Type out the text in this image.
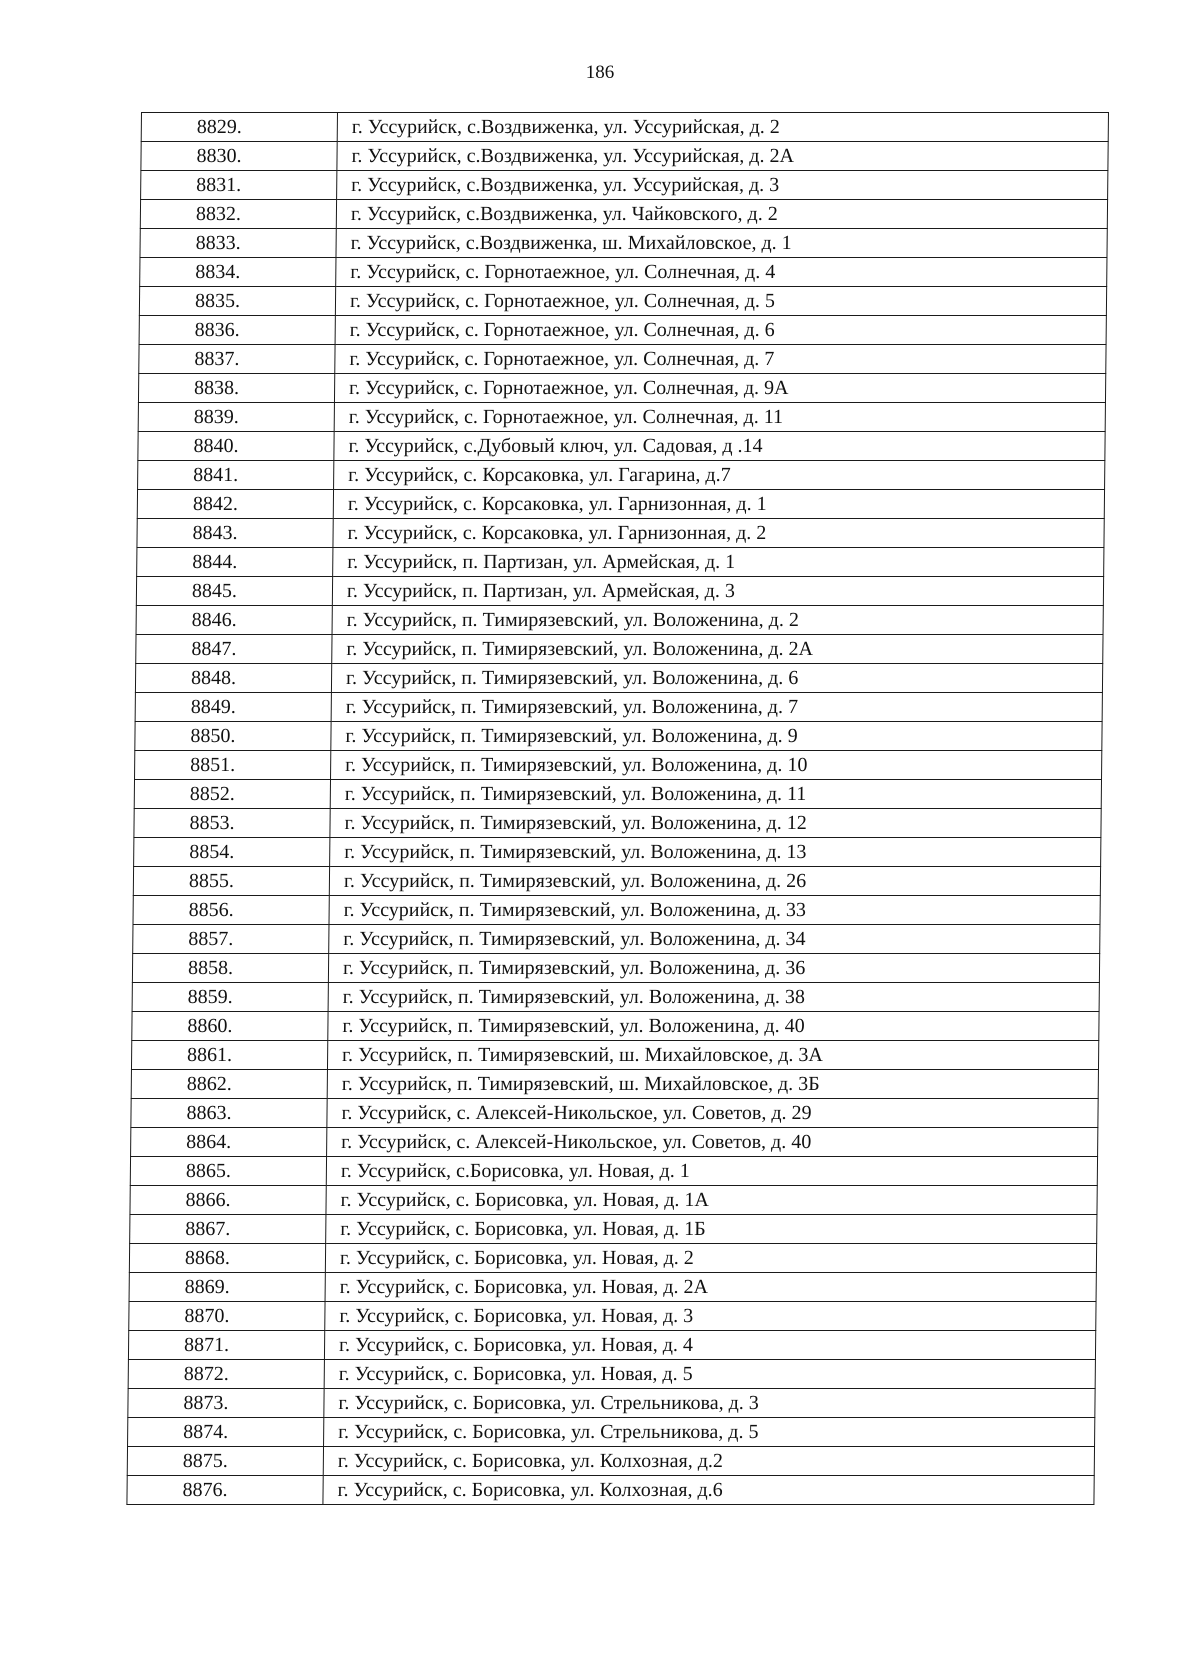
186
8829.	г. Уссурийск, с.Воздвиженка, ул. Уссурийская, д. 2
8830.	г. Уссурийск, с.Воздвиженка, ул. Уссурийская, д. 2А
8831.	г. Уссурийск, с.Воздвиженка, ул. Уссурийская, д. 3
8832.	г. Уссурийск, с.Воздвиженка, ул. Чайковского, д. 2
8833.	г. Уссурийск, с.Воздвиженка, ш. Михайловское, д. 1
8834.	г. Уссурийск, с. Горнотаежное, ул. Солнечная, д. 4
8835.	г. Уссурийск, с. Горнотаежное, ул. Солнечная, д. 5
8836.	г. Уссурийск, с. Горнотаежное, ул. Солнечная, д. 6
8837.	г. Уссурийск, с. Горнотаежное, ул. Солнечная, д. 7
8838.	г. Уссурийск, с. Горнотаежное, ул. Солнечная, д. 9А
8839.	г. Уссурийск, с. Горнотаежное, ул. Солнечная, д. 11
8840.	г. Уссурийск, с.Дубовый ключ, ул. Садовая, д .14
8841.	г. Уссурийск, с. Корсаковка, ул. Гагарина, д.7
8842.	г. Уссурийск, с. Корсаковка, ул. Гарнизонная, д. 1
8843.	г. Уссурийск, с. Корсаковка, ул. Гарнизонная, д. 2
8844.	г. Уссурийск, п. Партизан, ул. Армейская, д. 1
8845.	г. Уссурийск, п. Партизан, ул. Армейская, д. 3
8846.	г. Уссурийск, п. Тимирязевский, ул. Воложенина, д. 2
8847.	г. Уссурийск, п. Тимирязевский, ул. Воложенина, д. 2А
8848.	г. Уссурийск, п. Тимирязевский, ул. Воложенина, д. 6
8849.	г. Уссурийск, п. Тимирязевский, ул. Воложенина, д. 7
8850.	г. Уссурийск, п. Тимирязевский, ул. Воложенина, д. 9
8851.	г. Уссурийск, п. Тимирязевский, ул. Воложенина, д. 10
8852.	г. Уссурийск, п. Тимирязевский, ул. Воложенина, д. 11
8853.	г. Уссурийск, п. Тимирязевский, ул. Воложенина, д. 12
8854.	г. Уссурийск, п. Тимирязевский, ул. Воложенина, д. 13
8855.	г. Уссурийск, п. Тимирязевский, ул. Воложенина, д. 26
8856.	г. Уссурийск, п. Тимирязевский, ул. Воложенина, д. 33
8857.	г. Уссурийск, п. Тимирязевский, ул. Воложенина, д. 34
8858.	г. Уссурийск, п. Тимирязевский, ул. Воложенина, д. 36
8859.	г. Уссурийск, п. Тимирязевский, ул. Воложенина, д. 38
8860.	г. Уссурийск, п. Тимирязевский, ул. Воложенина, д. 40
8861.	г. Уссурийск, п. Тимирязевский, ш. Михайловское, д. 3А
8862.	г. Уссурийск, п. Тимирязевский, ш. Михайловское, д. 3Б
8863.	г. Уссурийск, с. Алексей-Никольское, ул. Советов, д. 29
8864.	г. Уссурийск, с. Алексей-Никольское, ул. Советов, д. 40
8865.	г. Уссурийск, с.Борисовка, ул. Новая, д. 1
8866.	г. Уссурийск, с. Борисовка, ул. Новая, д. 1А
8867.	г. Уссурийск, с. Борисовка, ул. Новая, д. 1Б
8868.	г. Уссурийск, с. Борисовка, ул. Новая, д. 2
8869.	г. Уссурийск, с. Борисовка, ул. Новая, д. 2А
8870.	г. Уссурийск, с. Борисовка, ул. Новая, д. 3
8871.	г. Уссурийск, с. Борисовка, ул. Новая, д. 4
8872.	г. Уссурийск, с. Борисовка, ул. Новая, д. 5
8873.	г. Уссурийск, с. Борисовка, ул. Стрельникова, д. 3
8874.	г. Уссурийск, с. Борисовка, ул. Стрельникова, д. 5
8875.	г. Уссурийск, с. Борисовка, ул. Колхозная, д.2
8876.	г. Уссурийск, с. Борисовка, ул. Колхозная, д.6
